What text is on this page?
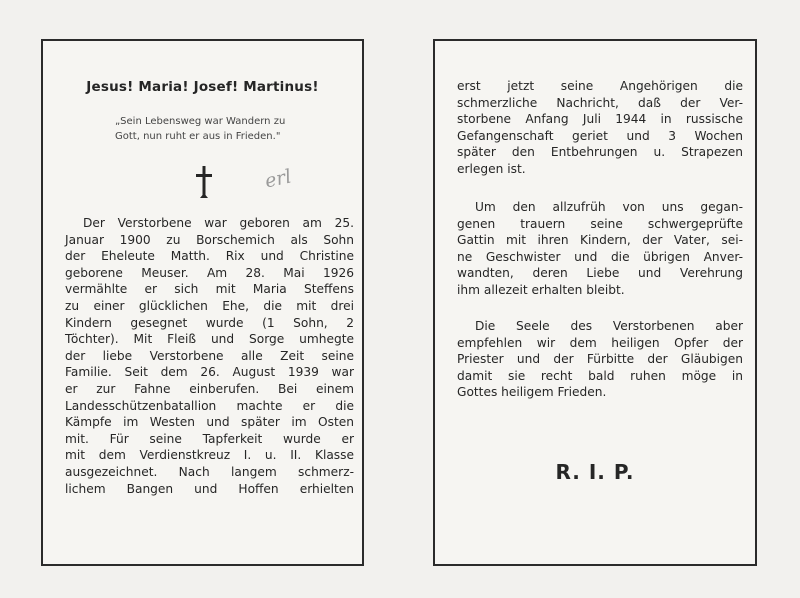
Jesus! Maria! Josef! Martinus!
„Sein Lebensweg war Wandern zu
Gott, nun ruht er aus in Frieden."
erl
Der Verstorbene war geboren am 25.
Januar 1900 zu Borschemich als Sohn
der Eheleute Matth. Rix und Christine
geborene Meuser. Am 28. Mai 1926
vermählte er sich mit Maria Steffens
zu einer glücklichen Ehe, die mit drei
Kindern gesegnet wurde (1 Sohn, 2
Töchter). Mit Fleiß und Sorge umhegte
der liebe Verstorbene alle Zeit seine
Familie. Seit dem 26. August 1939 war
er zur Fahne einberufen. Bei einem
Landesschützenbatallion machte er die
Kämpfe im Westen und später im Osten
mit. Für seine Tapferkeit wurde er
mit dem Verdienstkreuz I. u. II. Klasse
ausgezeichnet. Nach langem schmerz-
lichem Bangen und Hoffen erhielten
erst jetzt seine Angehörigen die
schmerzliche Nachricht, daß der Ver-
storbene Anfang Juli 1944 in russische
Gefangenschaft geriet und 3 Wochen
später den Entbehrungen u. Strapezen
erlegen ist.
Um den allzufrüh von uns gegan-
genen trauern seine schwergeprüfte
Gattin mit ihren Kindern, der Vater, sei-
ne Geschwister und die übrigen Anver-
wandten, deren Liebe und Verehrung
ihm allezeit erhalten bleibt.
Die Seele des Verstorbenen aber
empfehlen wir dem heiligen Opfer der
Priester und der Fürbitte der Gläubigen
damit sie recht bald ruhen möge in
Gottes heiligem Frieden.
R. I. P.
